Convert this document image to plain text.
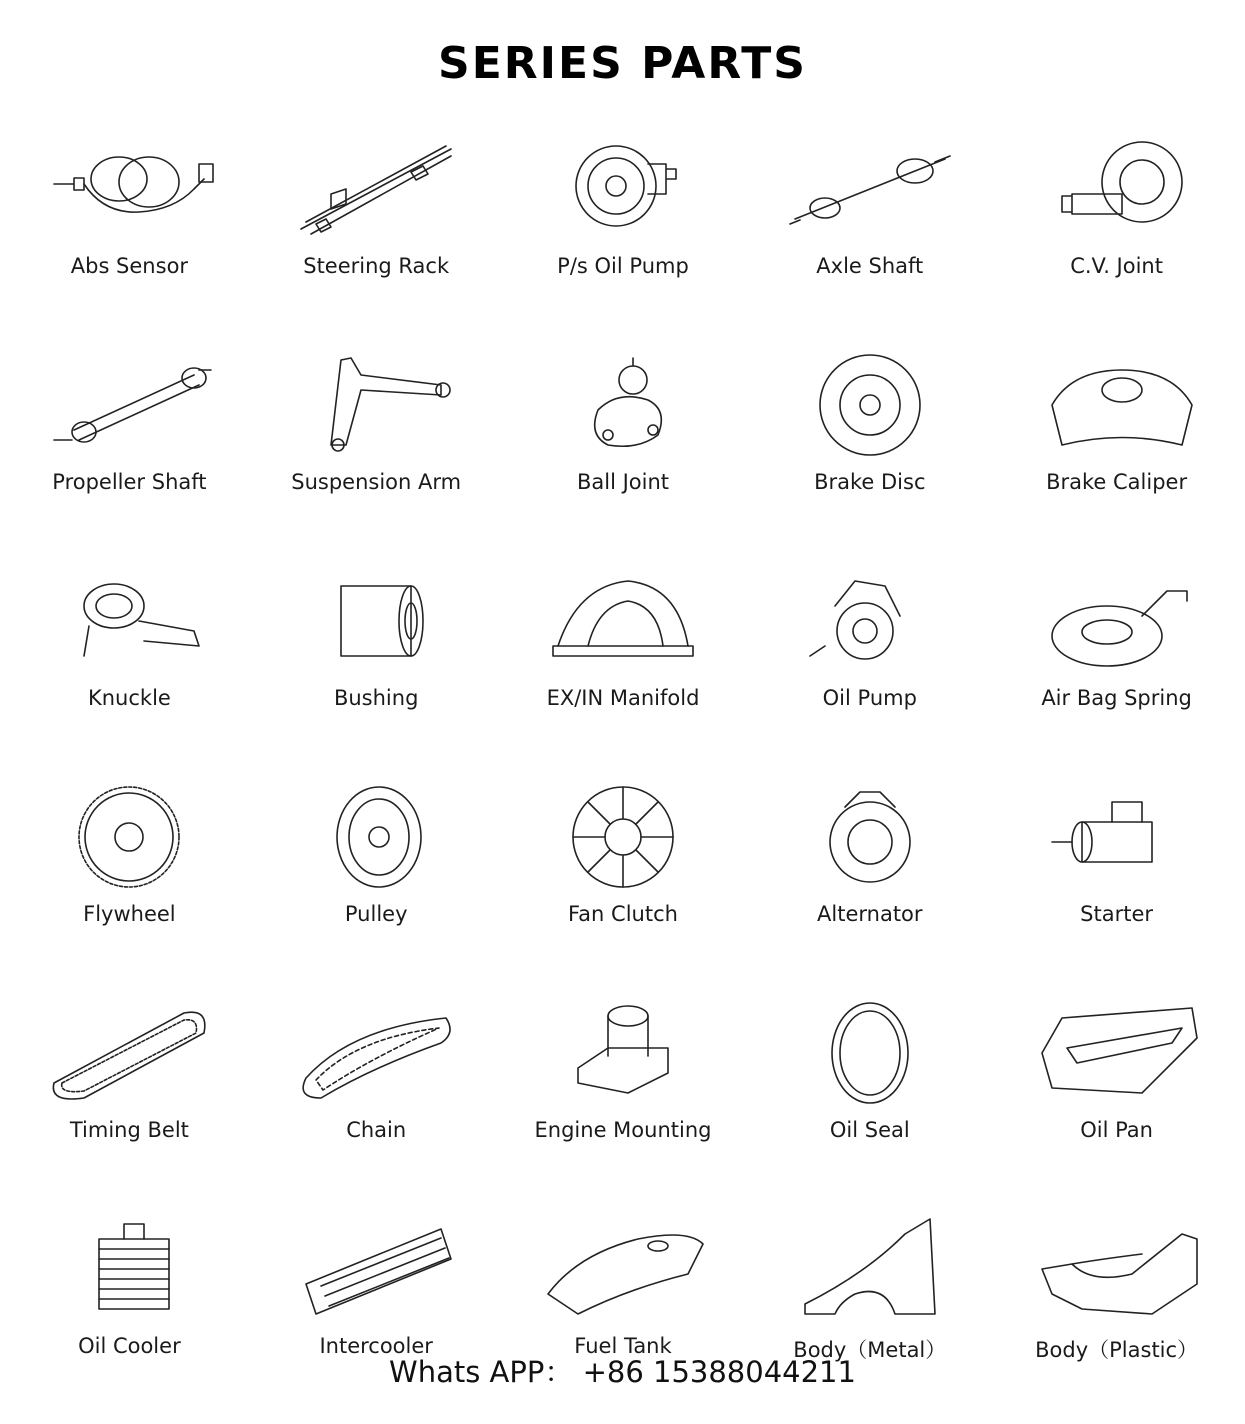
SERIES PARTS
Abs Sensor	Steering Rack	P/s Oil Pump	Axle Shaft	C.V. Joint
Propeller Shaft	Suspension Arm	Ball Joint	Brake Disc	Brake Caliper
Knuckle	Bushing	EX/IN Manifold	Oil Pump	Air Bag Spring
Flywheel	Pulley	Fan Clutch	Alternator	Starter
Timing Belt	Chain	Engine Mounting	Oil Seal	Oil Pan
Oil Cooler	Intercooler	Fuel Tank	Body（Metal）	Body（Plastic）
Whats APP： +86 15388044211
